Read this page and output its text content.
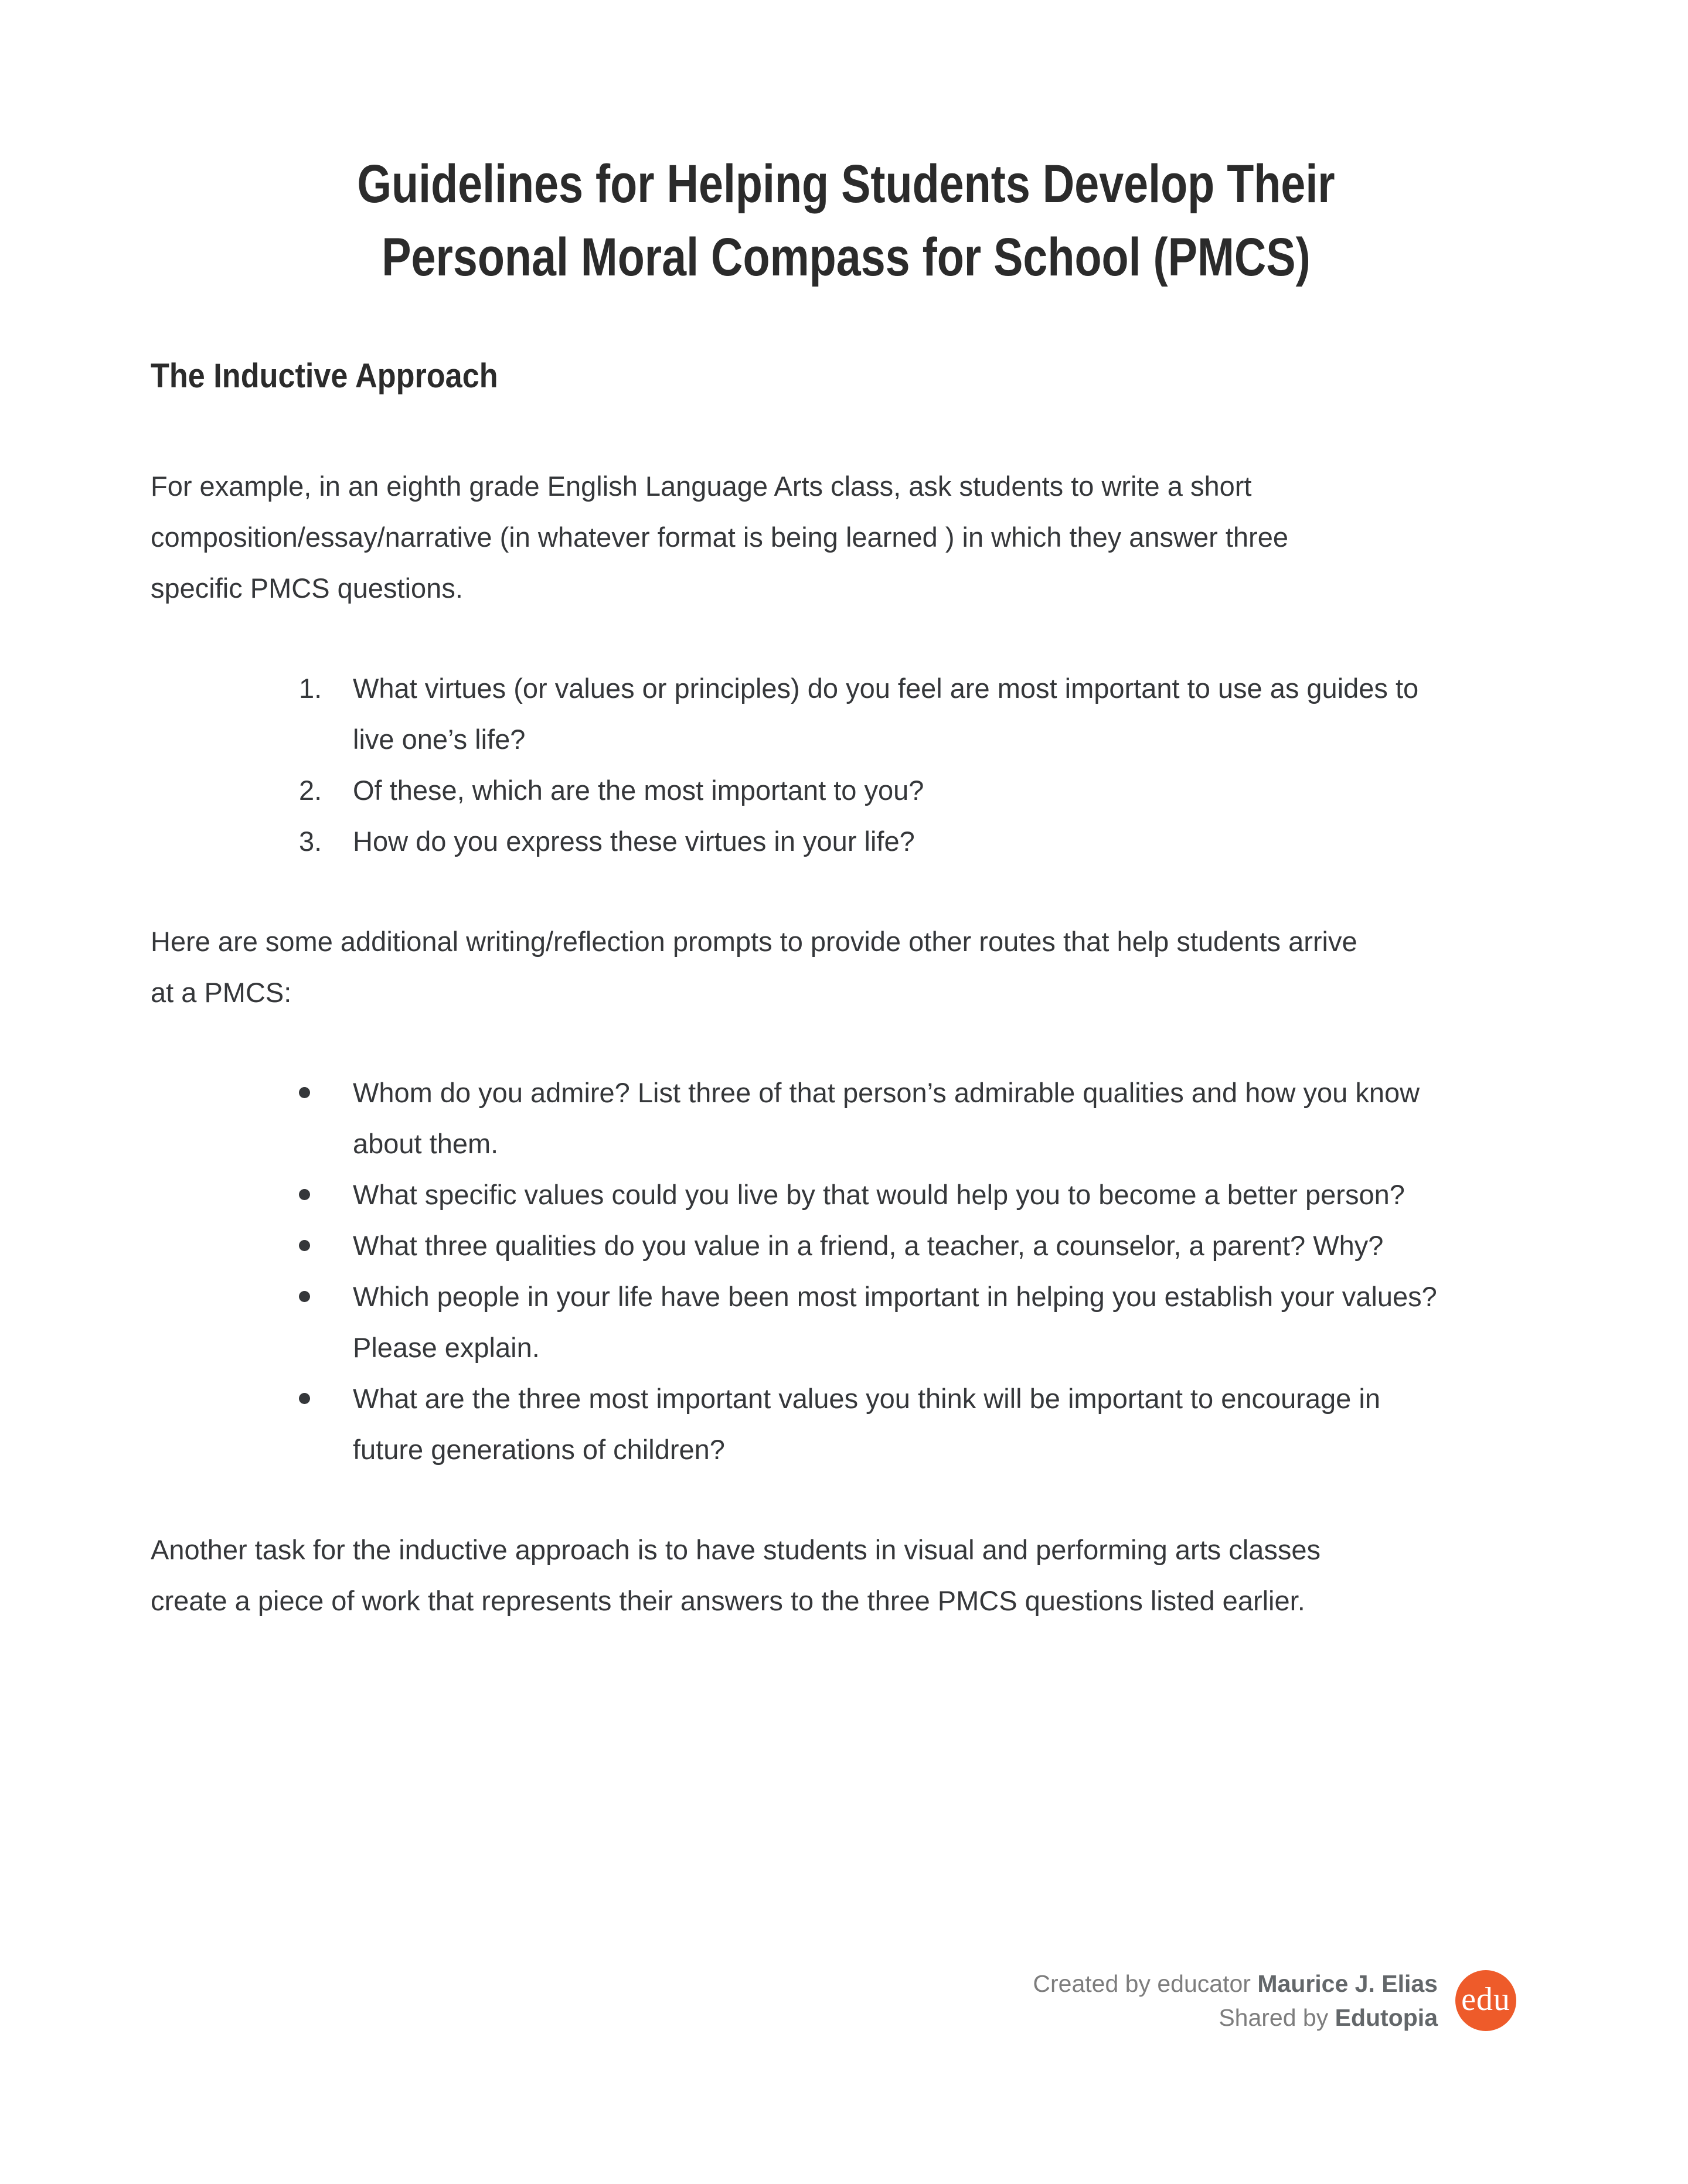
Guidelines for Helping Students Develop Their
Personal Moral Compass for School (PMCS)
The Inductive Approach

For example, in an eighth grade English Language Arts class, ask students to write a short composition/essay/narrative (in whatever format is being learned ) in which they answer three specific PMCS questions.

1.	What virtues (or values or principles) do you feel are most important to use as guides to live one’s life?
2.	Of these, which are the most important to you?
3.	How do you express these virtues in your life?

Here are some additional writing/reflection prompts to provide other routes that help students arrive at a PMCS:

Whom do you admire? List three of that person’s admirable qualities and how you know about them.
What specific values could you live by that would help you to become a better person?
What three qualities do you value in a friend, a teacher, a counselor, a parent? Why?
Which people in your life have been most important in helping you establish your values? Please explain.
What are the three most important values you think will be important to encourage in future generations of children?

Another task for the inductive approach is to have students in visual and performing arts classes create a piece of work that represents their answers to the three PMCS questions listed earlier.

Created by educator Maurice J. Elias
Shared by Edutopia edu
